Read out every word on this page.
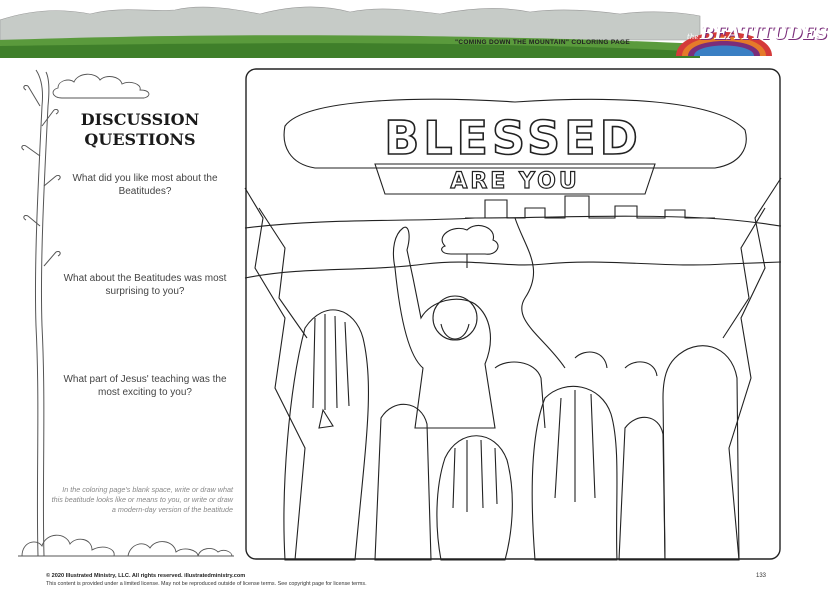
"COMING DOWN THE MOUNTAIN" COLORING PAGE
the BEATITUDES
DISCUSSION QUESTIONS
What did you like most about the Beatitudes?
What about the Beatitudes was most surprising to you?
What part of Jesus' teaching was the most exciting to you?
In the coloring page's blank space, write or draw what this beatitude looks like or means to you, or write or draw a modern-day version of the beatitude
BLESSED
ARE YOU
© 2020 Illustrated Ministry, LLC. All rights reserved. illustratedministry.com
This content is provided under a limited license. May not be reproduced outside of license terms. See copyright page for license terms.
133
